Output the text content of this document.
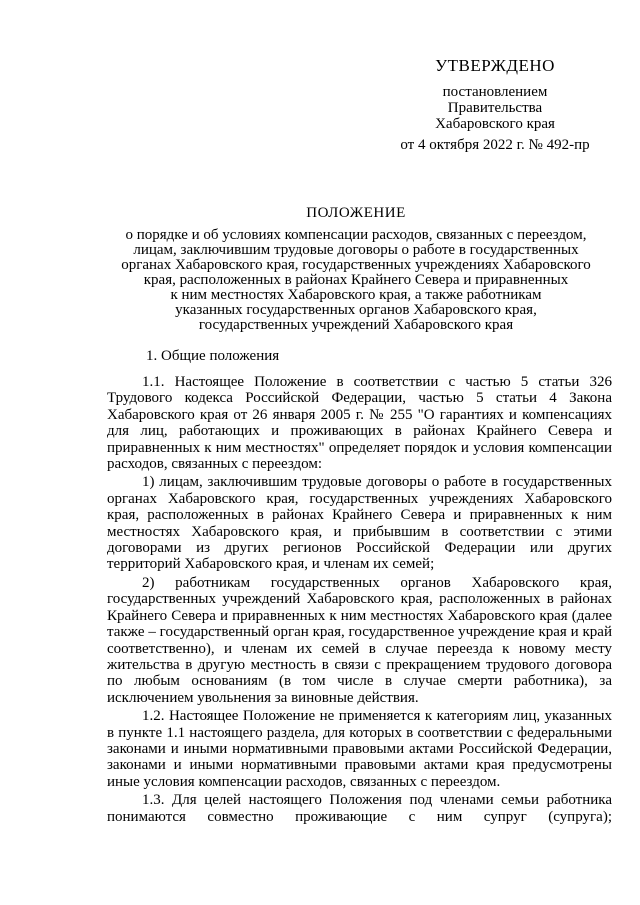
УТВЕРЖДЕНО
постановлением
Правительства
Хабаровского края
от 4 октября 2022 г. № 492-пр
ПОЛОЖЕНИЕ
о порядке и об условиях компенсации расходов, связанных с переездом,
лицам, заключившим трудовые договоры о работе в государственных
органах Хабаровского края, государственных учреждениях Хабаровского
края, расположенных в районах Крайнего Севера и приравненных
к ним местностях Хабаровского края, а также работникам
указанных государственных органов Хабаровского края,
государственных учреждений Хабаровского края
1. Общие положения

1.1. Настоящее Положение в соответствии с частью 5 статьи 326 Трудового кодекса Российской Федерации, частью 5 статьи 4 Закона Хабаровского края от 26 января 2005 г. № 255 "О гарантиях и компенсациях для лиц, работающих и проживающих в районах Крайнего Севера и приравненных к ним местностях" определяет порядок и условия компенсации расходов, связанных с переездом:

1) лицам, заключившим трудовые договоры о работе в государственных органах Хабаровского края, государственных учреждениях Хабаровского края, расположенных в районах Крайнего Севера и приравненных к ним местностях Хабаровского края, и прибывшим в соответствии с этими договорами из других регионов Российской Федерации или других территорий Хабаровского края, и членам их семей;

2) работникам государственных органов Хабаровского края, государственных учреждений Хабаровского края, расположенных в районах Крайнего Севера и приравненных к ним местностях Хабаровского края (далее также – государственный орган края, государственное учреждение края и край соответственно), и членам их семей в случае переезда к новому месту жительства в другую местность в связи с прекращением трудового договора по любым основаниям (в том числе в случае смерти работника), за исключением увольнения за виновные действия.

1.2. Настоящее Положение не применяется к категориям лиц, указанных в пункте 1.1 настоящего раздела, для которых в соответствии с федеральными законами и иными нормативными правовыми актами Российской Федерации, законами и иными нормативными правовыми актами края предусмотрены иные условия компенсации расходов, связанных с переездом.

1.3. Для целей настоящего Положения под членами семьи работника понимаются совместно проживающие с ним супруг (супруга);
